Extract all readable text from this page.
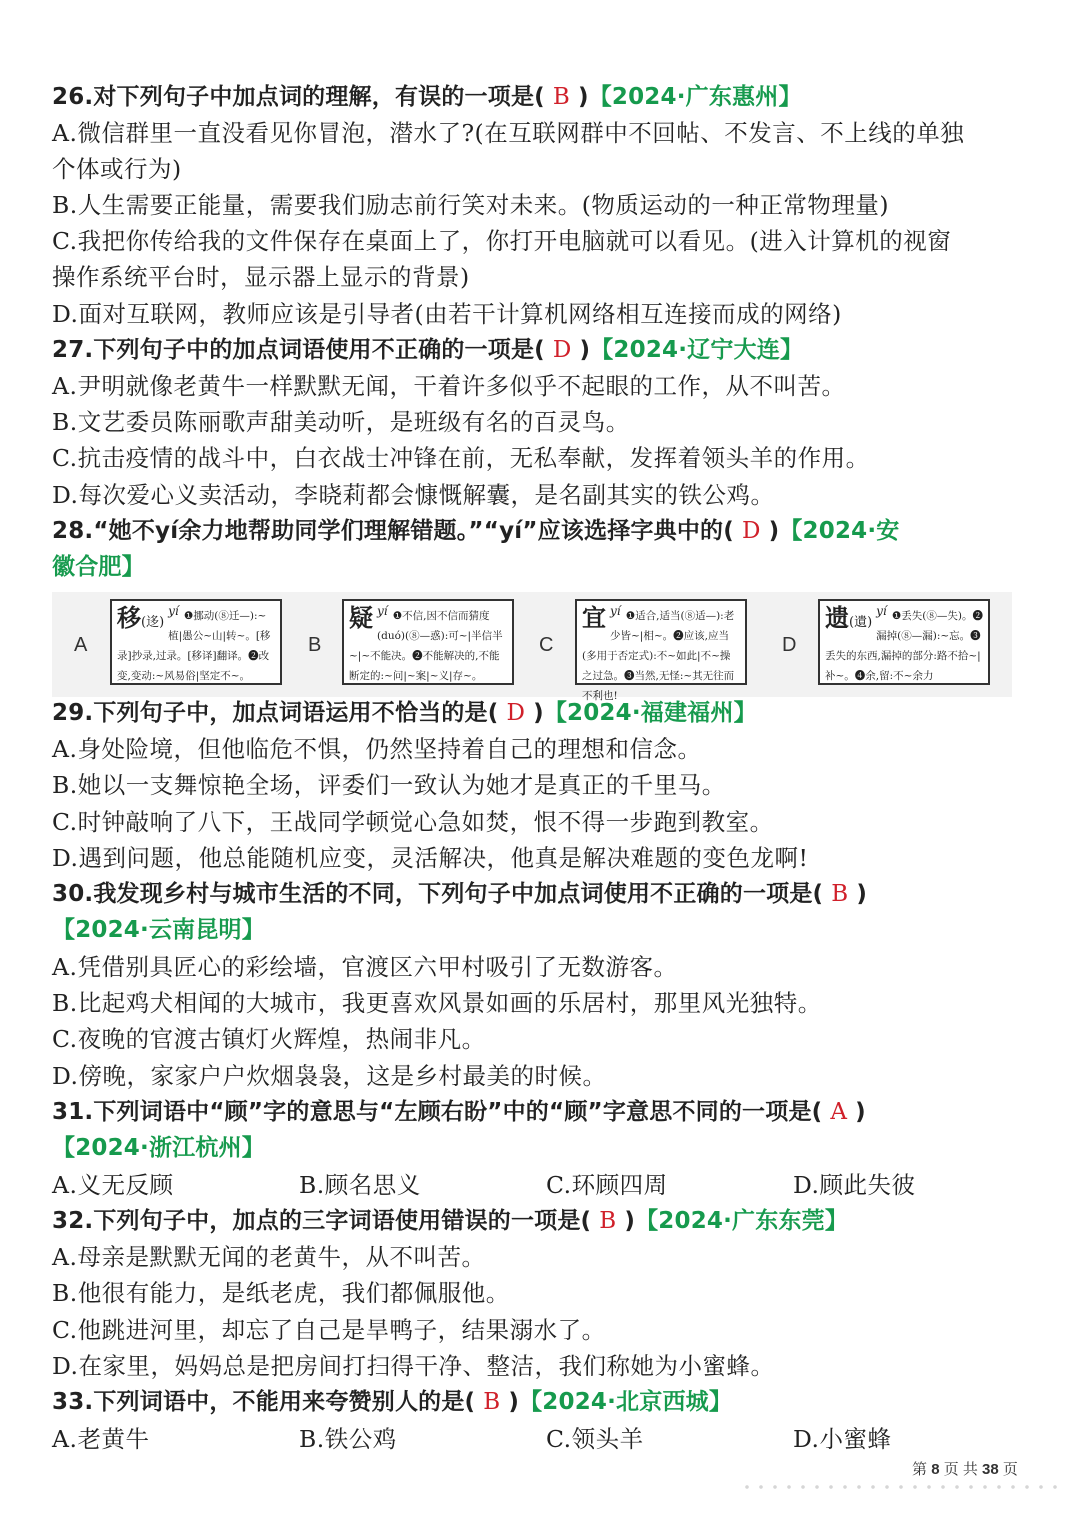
26.对下列句子中加点词的理解，有误的一项是( B )【2024·广东惠州】
A.微信群里一直没看见你冒泡，潜水了?(在互联网群中不回帖、不发言、不上线的单独
个体或行为)
B.人生需要正能量，需要我们励志前行笑对未来。(物质运动的一种正常物理量)
C.我把你传给我的文件保存在桌面上了，你打开电脑就可以看见。(进入计算机的视窗
操作系统平台时，显示器上显示的背景)
D.面对互联网，教师应该是引导者(由若干计算机网络相互连接而成的网络)
27.下列句子中的加点词语使用不正确的一项是( D )【2024·辽宁大连】
A.尹明就像老黄牛一样默默无闻，干着许多似乎不起眼的工作，从不叫苦。
B.文艺委员陈丽歌声甜美动听，是班级有名的百灵鸟。
C.抗击疫情的战斗中，白衣战士冲锋在前，无私奉献，发挥着领头羊的作用。
D.每次爱心义卖活动，李晓莉都会慷慨解囊，是名副其实的铁公鸡。
28.“她不yí余力地帮助同学们理解错题。”“yí”应该选择字典中的( D )【2024·安
徽合肥】
A
移(迻)
$^{yí}$ ❶挪动(⑧迁—):~植|愚公~山|转~。[移录]抄录,过录。[移译]翻译。❷改变,变动:~风易俗|坚定不~。
B
疑 $^{yí}$ ❶不信,因不信而猜度(duó)(⑧—惑):可~|半信半~|~不能决。❷不能解决的,不能断定的:~问|~案|~义|存~。
C
宜 $^{yí}$ ❶适合,适当(⑧适—):老少皆~|相~。❷应该,应当(多用于否定式):不~如此|不~操之过急。❸当然,无怪:~其无往而不利也!
D
遗(遺)
$^{yí}$ ❶丢失(⑧—失)。❷漏掉(⑧—漏):~忘。❸丢失的东西,漏掉的部分:路不拾~|补~。❹余,留:不~余力
29.下列句子中，加点词语运用不恰当的是( D )【2024·福建福州】
A.身处险境，但他临危不惧，仍然坚持着自己的理想和信念。
B.她以一支舞惊艳全场，评委们一致认为她才是真正的千里马。
C.时钟敲响了八下，王战同学顿觉心急如焚，恨不得一步跑到教室。
D.遇到问题，他总能随机应变，灵活解决，他真是解决难题的变色龙啊!
30.我发现乡村与城市生活的不同，下列句子中加点词使用不正确的一项是( B )
【2024·云南昆明】
A.凭借别具匠心的彩绘墙，官渡区六甲村吸引了无数游客。
B.比起鸡犬相闻的大城市，我更喜欢风景如画的乐居村，那里风光独特。
C.夜晚的官渡古镇灯火辉煌，热闹非凡。
D.傍晚，家家户户炊烟袅袅，这是乡村最美的时候。
31.下列词语中“顾”字的意思与“左顾右盼”中的“顾”字意思不同的一项是( A )
【2024·浙江杭州】
A.义无反顾	B.顾名思义	C.环顾四周	D.顾此失彼
32.下列句子中，加点的三字词语使用错误的一项是( B )【2024·广东东莞】
A.母亲是默默无闻的老黄牛，从不叫苦。
B.他很有能力，是纸老虎，我们都佩服他。
C.他跳进河里，却忘了自己是旱鸭子，结果溺水了。
D.在家里，妈妈总是把房间打扫得干净、整洁，我们称她为小蜜蜂。
33.下列词语中，不能用来夸赞别人的是( B )【2024·北京西城】
A.老黄牛	B.铁公鸡	C.领头羊	D.小蜜蜂
第 8 页 共 38 页
